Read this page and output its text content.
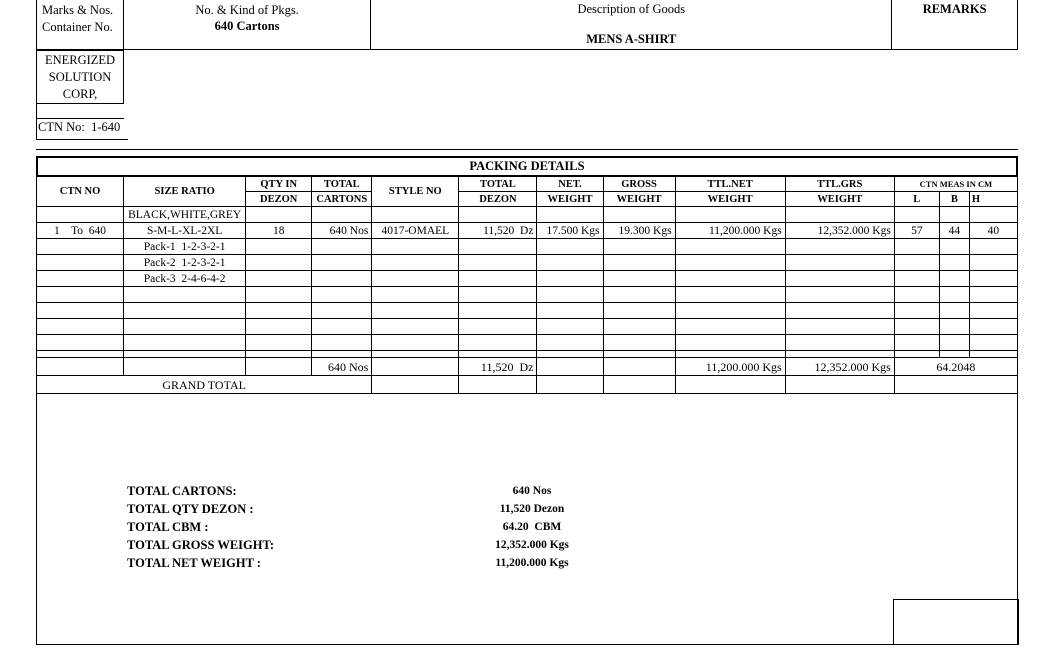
Marks & Nos.
Container No.
No. & Kind of Pkgs.
640 Cartons
Description of Goods
MENS A-SHIRT
REMARKS
ENERGIZED
SOLUTION
CORP,
CTN No:  1-640
PACKING DETAILS
CTN NO	SIZE RATIO	QTY IN	TOTAL	STYLE NO	TOTAL	NET.	GROSS	TTL.NET	TTL.GRS	CTN MEAS IN CM		
		DEZON	CARTONS		DEZON	WEIGHT	WEIGHT	WEIGHT	WEIGHT	L	B	H
	BLACK,WHITE,GREY											
1    To  640	S-M-L-XL-2XL	18	640 Nos	4017-OMAEL	11,520  Dz	17.500 Kgs	19.300 Kgs	11,200.000 Kgs	12,352.000 Kgs	57	44	40
	Pack-1  1-2-3-2-1											
	Pack-2  1-2-3-2-1											
	Pack-3  2-4-6-4-2											

			640 Nos		11,520  Dz			11,200.000 Kgs	12,352.000 Kgs	64.2048		
GRAND TOTAL												
TOTAL CARTONS:	640 Nos
TOTAL QTY DEZON :	11,520 Dezon
TOTAL CBM :	64.20  CBM
TOTAL GROSS WEIGHT:	12,352.000 Kgs
TOTAL NET WEIGHT :	11,200.000 Kgs
